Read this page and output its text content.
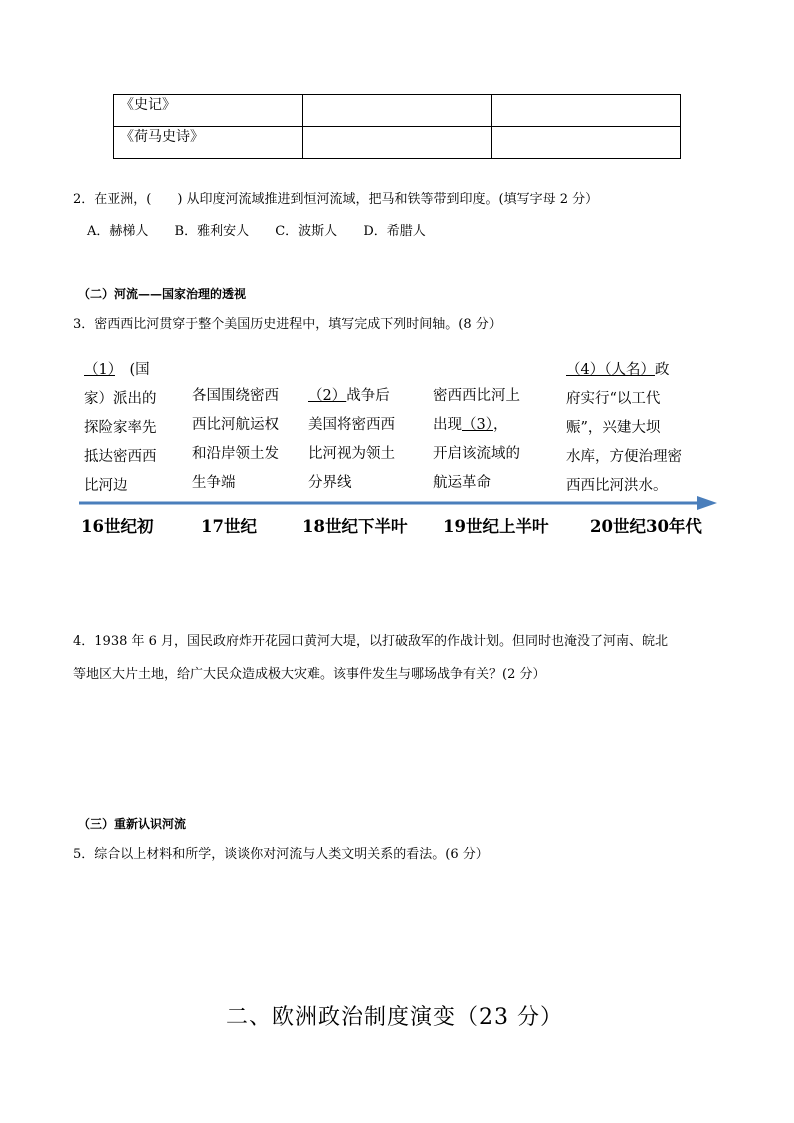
《史记》		
《荷马史诗》		
2．在亚洲，(　　) 从印度河流域推进到恒河流域，把马和铁等带到印度。(填写字母 2 分）
A．赫梯人 B．雅利安人 C．波斯人 D．希腊人
（二）河流——国家治理的透视
3．密西西比河贯穿于整个美国历史进程中，填写完成下列时间轴。(8 分）
（1）　(国
家）派出的
探险家率先
抵达密西西
比河边
各国围绕密西
西比河航运权
和沿岸领土发
生争端
（2）战争后
美国将密西西
比河视为领土
分界线
密西西比河上
出现（3），
开启该流域的
航运革命
（4）（人名）政
府实行“以工代
赈”，兴建大坝
水库，方便治理密
西西比河洪水。
16世纪初	17世纪	18世纪下半叶 19世纪上半叶	20世纪30年代
4．1938 年 6 月，国民政府炸开花园口黄河大堤，以打破敌军的作战计划。但同时也淹没了河南、皖北
等地区大片土地，给广大民众造成极大灾难。该事件发生与哪场战争有关？(2 分）
（三）重新认识河流
5．综合以上材料和所学，谈谈你对河流与人类文明关系的看法。(6 分）
二、欧洲政治制度演变（23 分）
